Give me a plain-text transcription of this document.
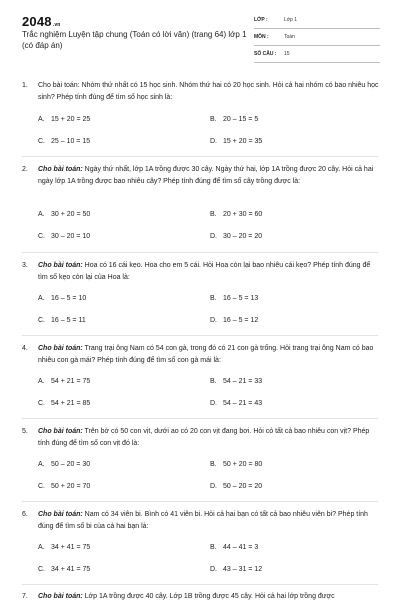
2048.vn
Trắc nghiệm Luyện tập chung (Toán có lời văn) (trang 64) lớp 1 (có đáp án)
LỚP :	Lớp 1
MÔN :	Toán
SỐ CÂU :	15
1.	Cho bài toán: Nhóm thứ nhất có 15 học sinh. Nhóm thứ hai có 20 học sinh. Hỏi cả hai nhóm có bao nhiêu học sinh? Phép tính đúng để tìm số học sinh là:
A. 15 + 20 = 25	B. 20 – 15 = 5
C. 25 – 10 = 15	D. 15 + 20 = 35
2.	Cho bài toán: Ngày thứ nhất, lớp 1A trồng được 30 cây. Ngày thứ hai, lớp 1A trồng được 20 cây. Hỏi cả hai ngày lớp 1A trồng được bao nhiêu cây? Phép tính đúng để tìm số cây trồng được là:
A. 30 + 20 = 50	B. 20 + 30 = 60
C. 30 – 20 = 10	D. 30 – 20 = 20
3.	Cho bài toán: Hoa có 16 cái kẹo. Hoa cho em 5 cái. Hỏi Hoa còn lại bao nhiêu cái kẹo? Phép tính đúng để tìm số kẹo còn lại của Hoa là:
A. 16 – 5 = 10	B. 16 – 5 = 13
C. 16 – 5 = 11	D. 16 – 5 = 12
4.	Cho bài toán: Trang trại ông Nam có 54 con gà, trong đó có 21 con gà trống. Hỏi trang trại ông Nam có bao nhiêu con gà mái? Phép tính đúng để tìm số con gà mái là:
A. 54 + 21 = 75	B. 54 – 21 = 33
C. 54 + 21 = 85	D. 54 – 21 = 43
5.	Cho bài toán: Trên bờ có 50 con vịt, dưới ao có 20 con vịt đang bơi. Hỏi có tất cả bao nhiêu con vịt? Phép tính đúng để tìm số con vịt đó là:
A. 50 – 20 = 30	B. 50 + 20 = 80
C. 50 + 20 = 70	D. 50 – 20 = 20
6.	Cho bài toán: Nam có 34 viên bi. Bình có 41 viên bi. Hỏi cả hai bạn có tất cả bao nhiêu viên bi? Phép tính đúng để tìm số bi của cả hai bạn là:
A. 34 + 41 = 75	B. 44 – 41 = 3
C. 34 + 41 = 75	D. 43 – 31 = 12
7.	Cho bài toán: Lớp 1A trồng được 40 cây. Lớp 1B trồng được 45 cây. Hỏi cả hai lớp trồng được
